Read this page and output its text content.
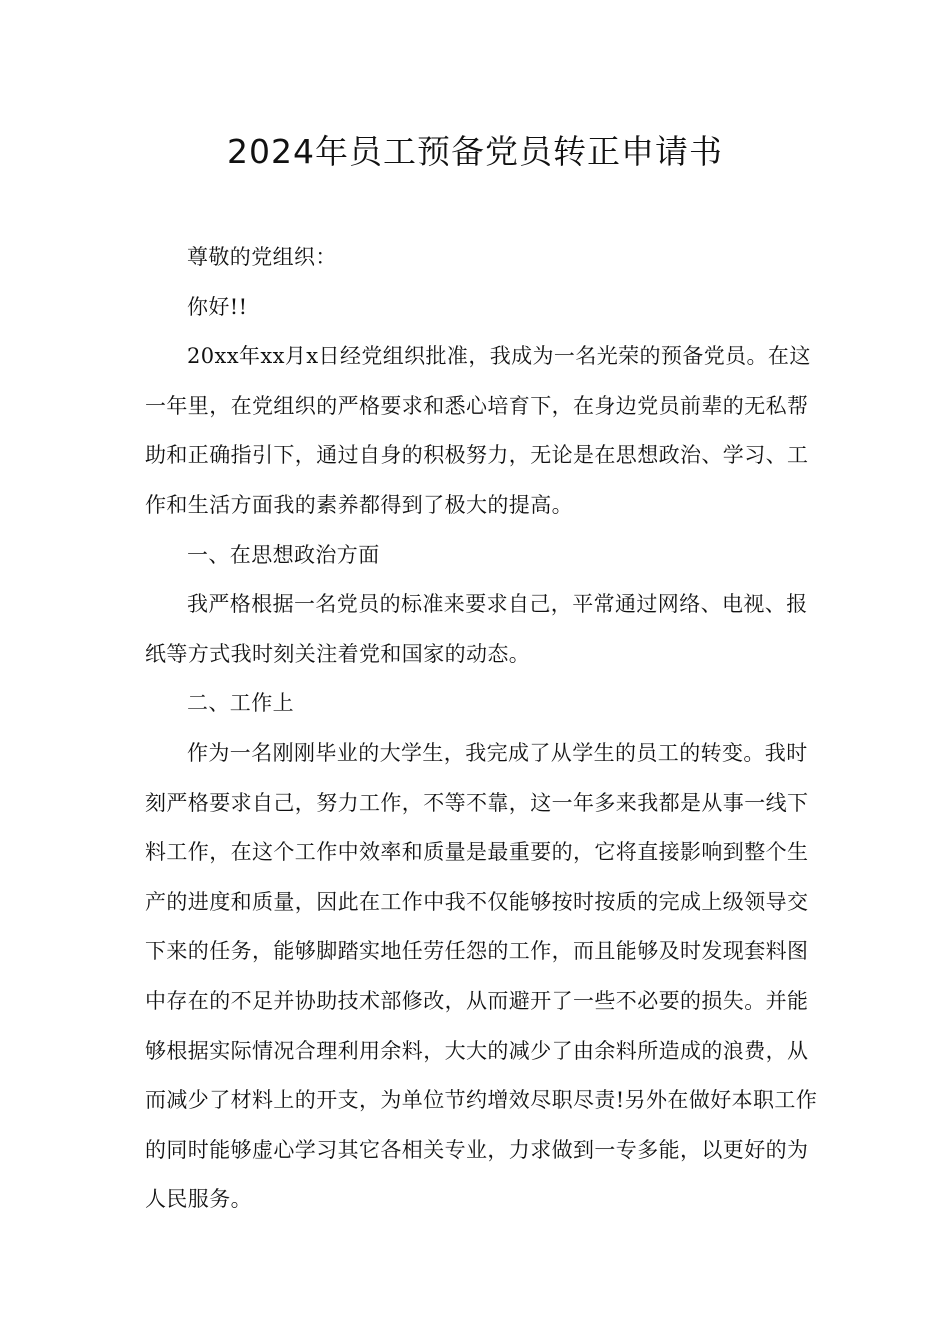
2024年员工预备党员转正申请书

尊敬的党组织：

你好!!

20xx年xx月x日经党组织批准，我成为一名光荣的预备党员。在这一年里，在党组织的严格要求和悉心培育下，在身边党员前辈的无私帮助和正确指引下，通过自身的积极努力，无论是在思想政治、学习、工作和生活方面我的素养都得到了极大的提高。

一、在思想政治方面

我严格根据一名党员的标准来要求自己，平常通过网络、电视、报纸等方式我时刻关注着党和国家的动态。

二、工作上

作为一名刚刚毕业的大学生，我完成了从学生的员工的转变。我时刻严格要求自己，努力工作，不等不靠，这一年多来我都是从事一线下料工作，在这个工作中效率和质量是最重要的，它将直接影响到整个生产的进度和质量，因此在工作中我不仅能够按时按质的完成上级领导交下来的任务，能够脚踏实地任劳任怨的工作，而且能够及时发现套料图中存在的不足并协助技术部修改，从而避开了一些不必要的损失。并能够根据实际情况合理利用余料，大大的减少了由余料所造成的浪费，从而减少了材料上的开支，为单位节约增效尽职尽责!另外在做好本职工作的同时能够虚心学习其它各相关专业，力求做到一专多能，以更好的为人民服务。
